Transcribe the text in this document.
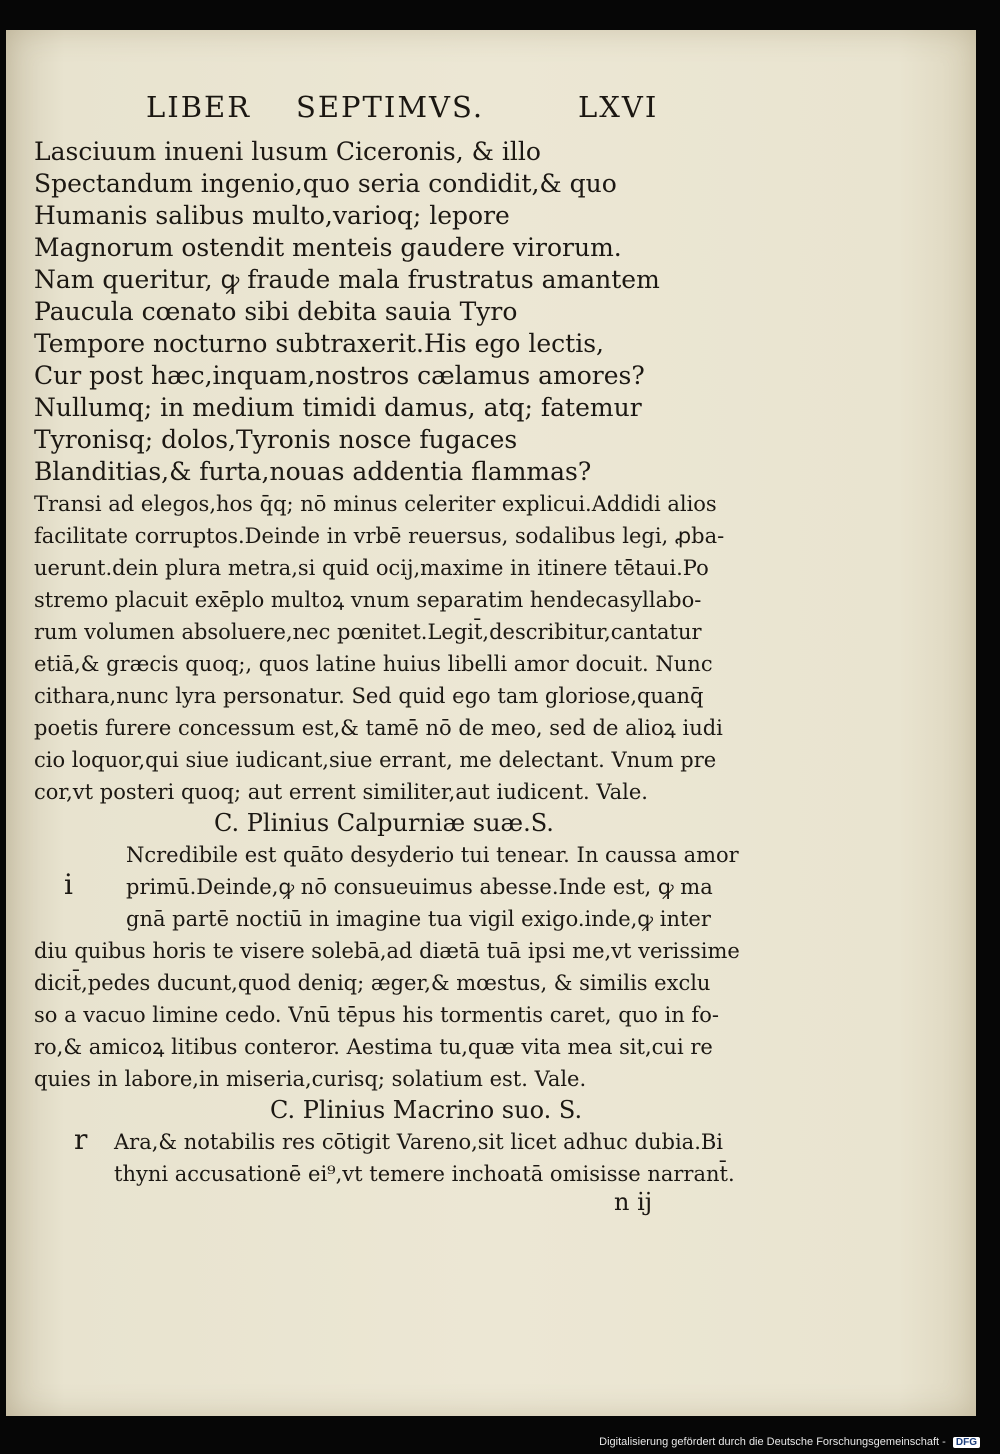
LIBER SEPTIMVS.	LXVI
Lasciuum inueni lusum Ciceronis, & illo
Spectandum ingenio,quo seria condidit,& quo
Humanis salibus multo,varioq; lepore
Magnorum ostendit menteis gaudere virorum.
Nam queritur, ꝙ fraude mala frustratus amantem
Paucula cœnato sibi debita sauia Tyro
Tempore nocturno subtraxerit.His ego lectis,
Cur post hæc,inquam,nostros cælamus amores?
Nullumq; in medium timidi damus, atq; fatemur
Tyronisq; dolos,Tyronis nosce fugaces
Blanditias,& furta,nouas addentia flammas?
Transi ad elegos,hos q̄q; nō minus celeriter explicui.Addidi alios
facilitate corruptos.Deinde in vrbē reuersus, sodalibus legi, ꝓba-
uerunt.dein plura metra,si quid ocij,maxime in itinere tētaui.Po
stremo placuit exēplo multoꝝ vnum separatim hendecasyllabo-
rum volumen absoluere,nec pœnitet.Legit̄,describitur,cantatur
etiā,& græcis quoq;, quos latine huius libelli amor docuit. Nunc
cithara,nunc lyra personatur. Sed quid ego tam gloriose,quanq̄
poetis furere concessum est,& tamē nō de meo, sed de alioꝝ iudi
cio loquor,qui siue iudicant,siue errant, me delectant. Vnum pre
cor,vt posteri quoq; aut errent similiter,aut iudicent. Vale.
C. Plinius Calpurniæ suæ.S.
i
Ncredibile est quāto desyderio tui tenear. In caussa amor
primū.Deinde,ꝙ nō consueuimus abesse.Inde est, ꝙ ma
gnā partē noctiū in imagine tua vigil exigo.inde,ꝙ inter
diu quibus horis te visere solebā,ad diætā tuā ipsi me,vt verissime
dicit̄,pedes ducunt,quod deniq; æger,& mœstus, & similis exclu
so a vacuo limine cedo. Vnū tēpus his tormentis caret, quo in fo-
ro,& amicoꝝ litibus conteror. Aestima tu,quæ vita mea sit,cui re
quies in labore,in miseria,curisq; solatium est. Vale.
C. Plinius Macrino suo. S.
r Ara,& notabilis res cōtigit Vareno,sit licet adhuc dubia.Bi
thyni accusationē ei⁹,vt temere inchoatā omisisse narrant̄.
n ij
Digitalisierung gefördert durch die Deutsche Forschungsgemeinschaft - DFG
